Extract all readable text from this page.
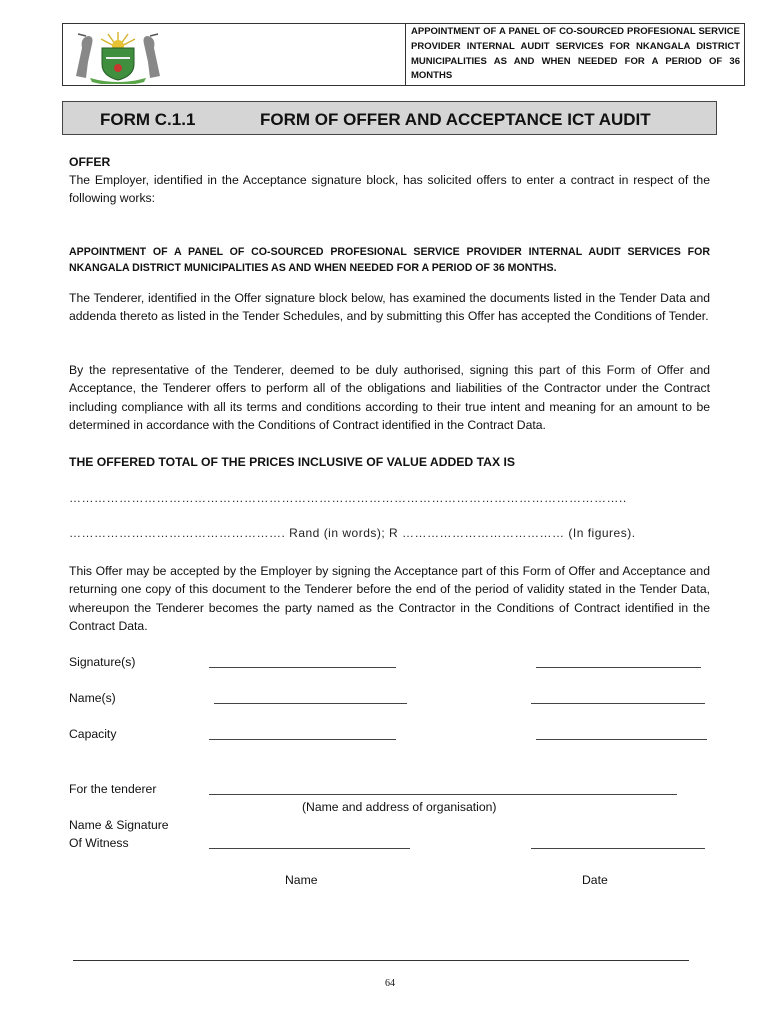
APPOINTMENT OF A PANEL OF CO-SOURCED PROFESIONAL SERVICE PROVIDER INTERNAL AUDIT SERVICES FOR NKANGALA DISTRICT MUNICIPALITIES AS AND WHEN NEEDED FOR A PERIOD OF 36 MONTHS
FORM C.1.1	FORM OF OFFER AND ACCEPTANCE ICT AUDIT
OFFER
The Employer, identified in the Acceptance signature block, has solicited offers to enter a contract in respect of the following works:
APPOINTMENT OF A PANEL OF CO-SOURCED PROFESIONAL SERVICE PROVIDER INTERNAL AUDIT SERVICES FOR NKANGALA DISTRICT MUNICIPALITIES AS AND WHEN NEEDED FOR A PERIOD OF 36 MONTHS.
The Tenderer, identified in the Offer signature block below, has examined the documents listed in the Tender Data and addenda thereto as listed in the Tender Schedules, and by submitting this Offer has accepted the Conditions of Tender.
By the representative of the Tenderer, deemed to be duly authorised, signing this part of this Form of Offer and Acceptance, the Tenderer offers to perform all of the obligations and liabilities of the Contractor under the Contract including compliance with all its terms and conditions according to their true intent and meaning for an amount to be determined in accordance with the Conditions of Contract identified in the Contract Data.
THE OFFERED TOTAL OF THE PRICES INCLUSIVE OF VALUE ADDED TAX IS
……………………………………………………………………………………………………………………..
……………………………………………. Rand (in words); R ………………………………… (In figures).
This Offer may be accepted by the Employer by signing the Acceptance part of this Form of Offer and Acceptance and returning one copy of this document to the Tenderer before the end of the period of validity stated in the Tender Data, whereupon the Tenderer becomes the party named as the Contractor in the Conditions of Contract identified in the Contract Data.
Signature(s)
Name(s)
Capacity
For the tenderer
(Name and address of organisation)
Name & Signature
Of Witness
Name	Date
64
